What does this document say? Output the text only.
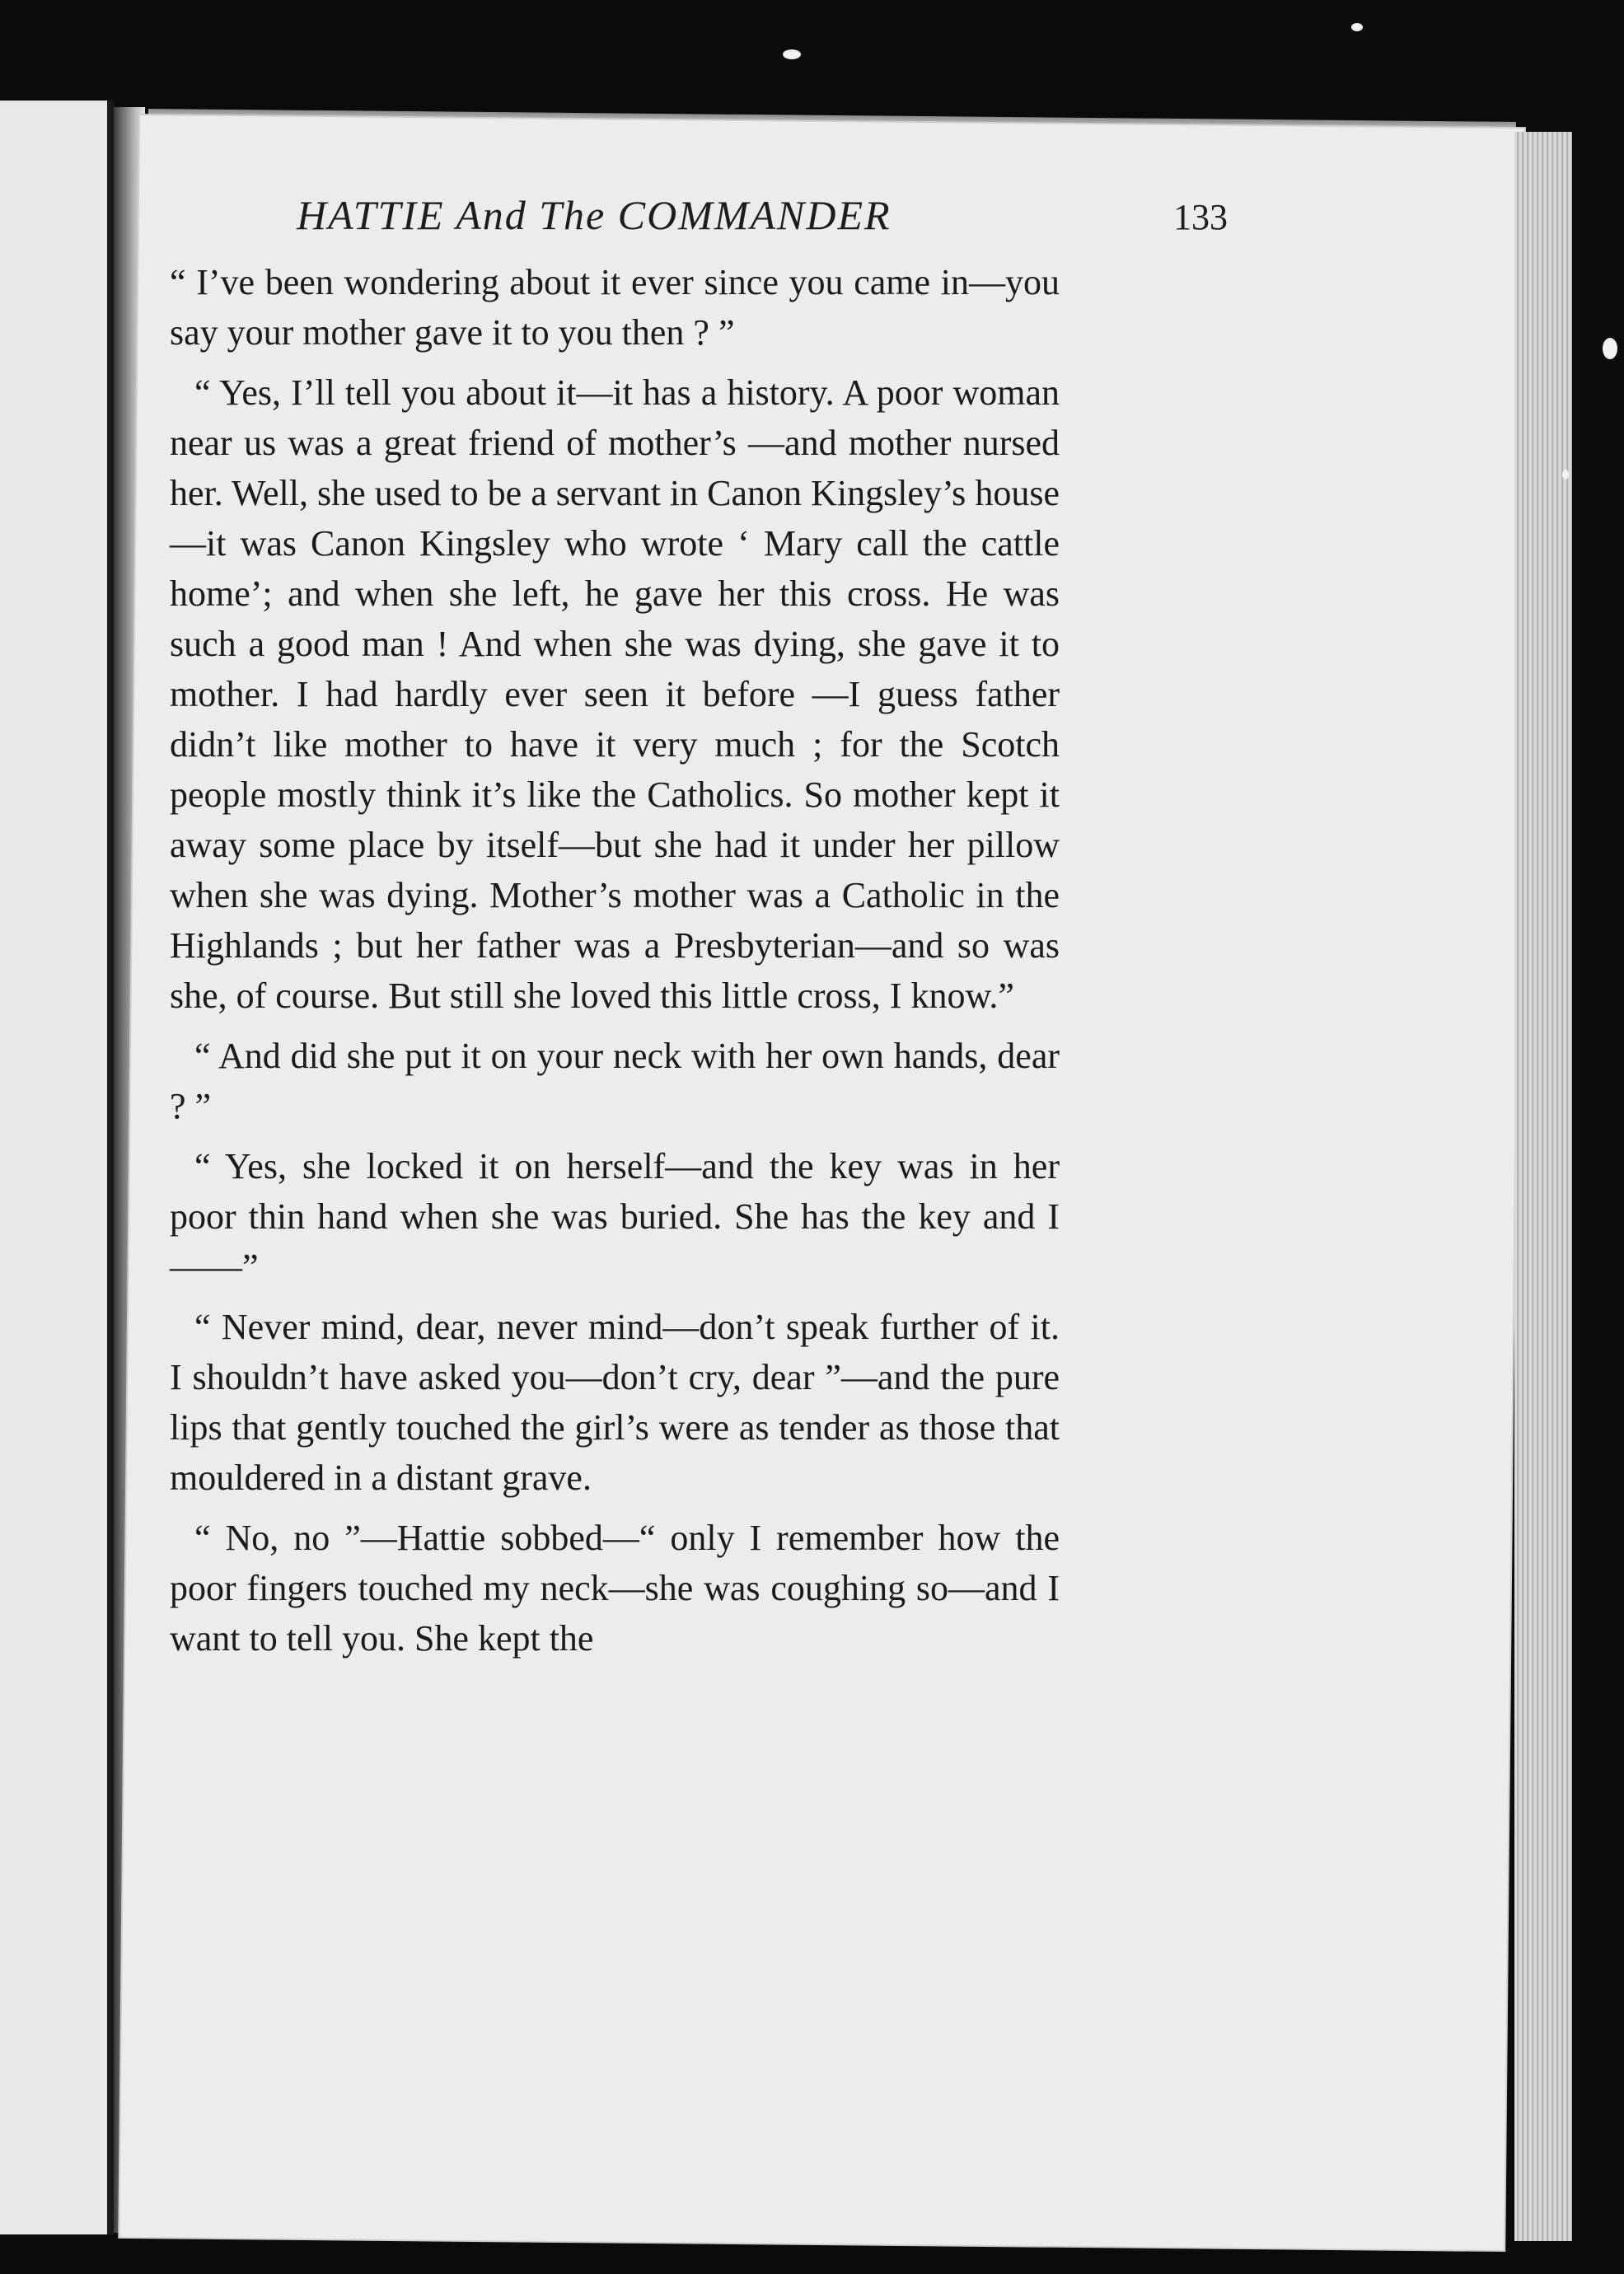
HATTIE And The COMMANDER	133

“ I’ve been wondering about it ever since you came in—you say your mother gave it to you then ? ”

“ Yes, I’ll tell you about it—it has a history. A poor woman near us was a great friend of mother’s —and mother nursed her. Well, she used to be a servant in Canon Kingsley’s house—it was Canon Kingsley who wrote ‘ Mary call the cattle home’; and when she left, he gave her this cross. He was such a good man ! And when she was dying, she gave it to mother. I had hardly ever seen it before —I guess father didn’t like mother to have it very much ; for the Scotch people mostly think it’s like the Catholics. So mother kept it away some place by itself—but she had it under her pillow when she was dying. Mother’s mother was a Catholic in the Highlands ; but her father was a Presbyterian—and so was she, of course. But still she loved this little cross, I know.”

“ And did she put it on your neck with her own hands, dear ? ”

“ Yes, she locked it on herself—and the key was in her poor thin hand when she was buried. She has the key and I ——”

“ Never mind, dear, never mind—don’t speak further of it. I shouldn’t have asked you—don’t cry, dear ”—and the pure lips that gently touched the girl’s were as tender as those that mouldered in a distant grave.

“ No, no ”—Hattie sobbed—“ only I remember how the poor fingers touched my neck—she was coughing so—and I want to tell you. She kept the
